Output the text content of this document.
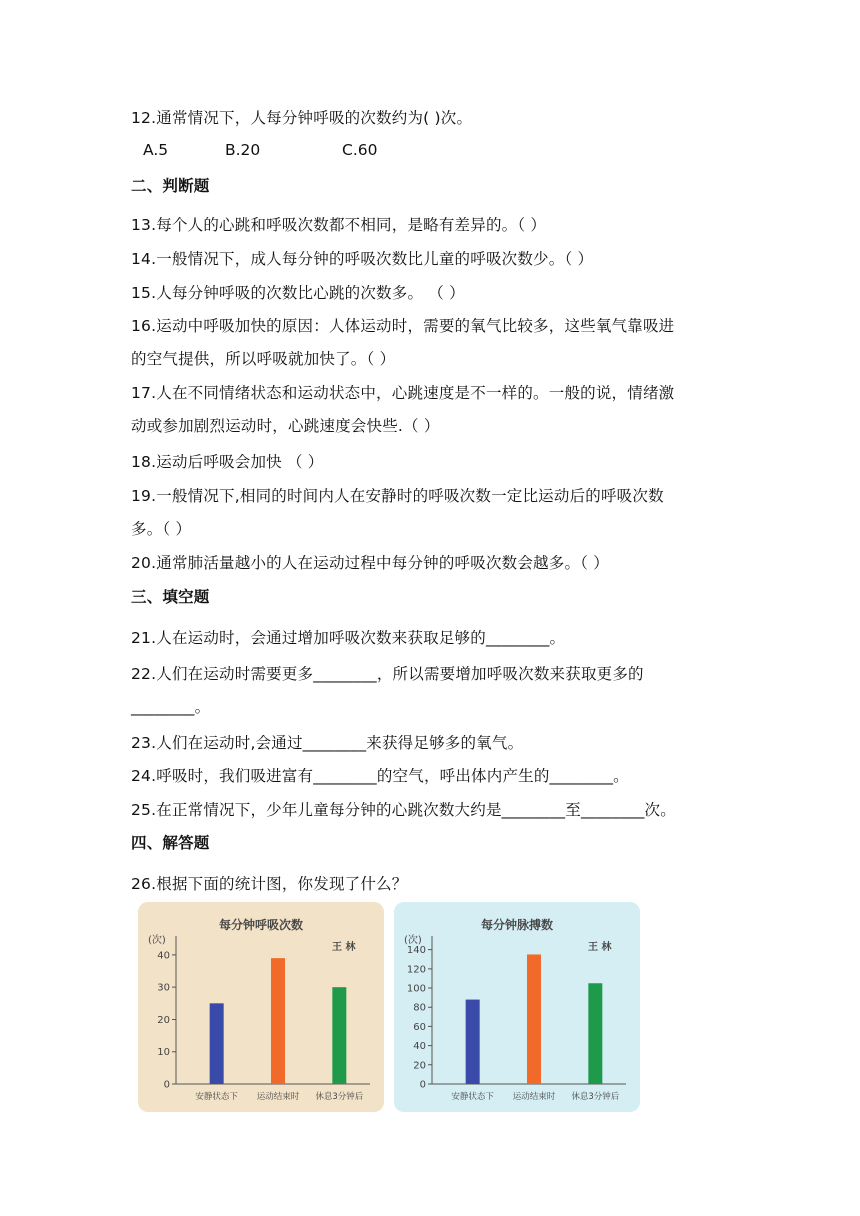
12.通常情况下，人每分钟呼吸的次数约为( )次。
A.5	B.20	C.60
二、判断题
13.每个人的心跳和呼吸次数都不相同，是略有差异的。（ ）
14.一般情况下，成人每分钟的呼吸次数比儿童的呼吸次数少。（ ）
15.人每分钟呼吸的次数比心跳的次数多。 （ ）
16.运动中呼吸加快的原因：人体运动时，需要的氧气比较多，这些氧气靠吸进
的空气提供，所以呼吸就加快了。（ ）
17.人在不同情绪状态和运动状态中，心跳速度是不一样的。一般的说，情绪激
动或参加剧烈运动时，心跳速度会快些.（ ）
18.运动后呼吸会加快 （ ）
19.一般情况下,相同的时间内人在安静时的呼吸次数一定比运动后的呼吸次数
多。（ ）
20.通常肺活量越小的人在运动过程中每分钟的呼吸次数会越多。（ ）
三、填空题
21.人在运动时，会通过增加呼吸次数来获取足够的________。
22.人们在运动时需要更多________，所以需要增加呼吸次数来获取更多的
________。
23.人们在运动时,会通过________来获得足够多的氧气。
24.呼吸时，我们吸进富有________的空气，呼出体内产生的________。
25.在正常情况下，少年儿童每分钟的心跳次数大约是________至________次。
四、解答题
26.根据下面的统计图，你发现了什么？
每分钟呼吸次数
(次)
王 林
0
10
20
30
40
安静状态下 运动结束时 休息3分钟后
每分钟脉搏数
(次)
王 林
0
20
40
60
80
100
120
140
安静状态下 运动结束时 休息3分钟后
